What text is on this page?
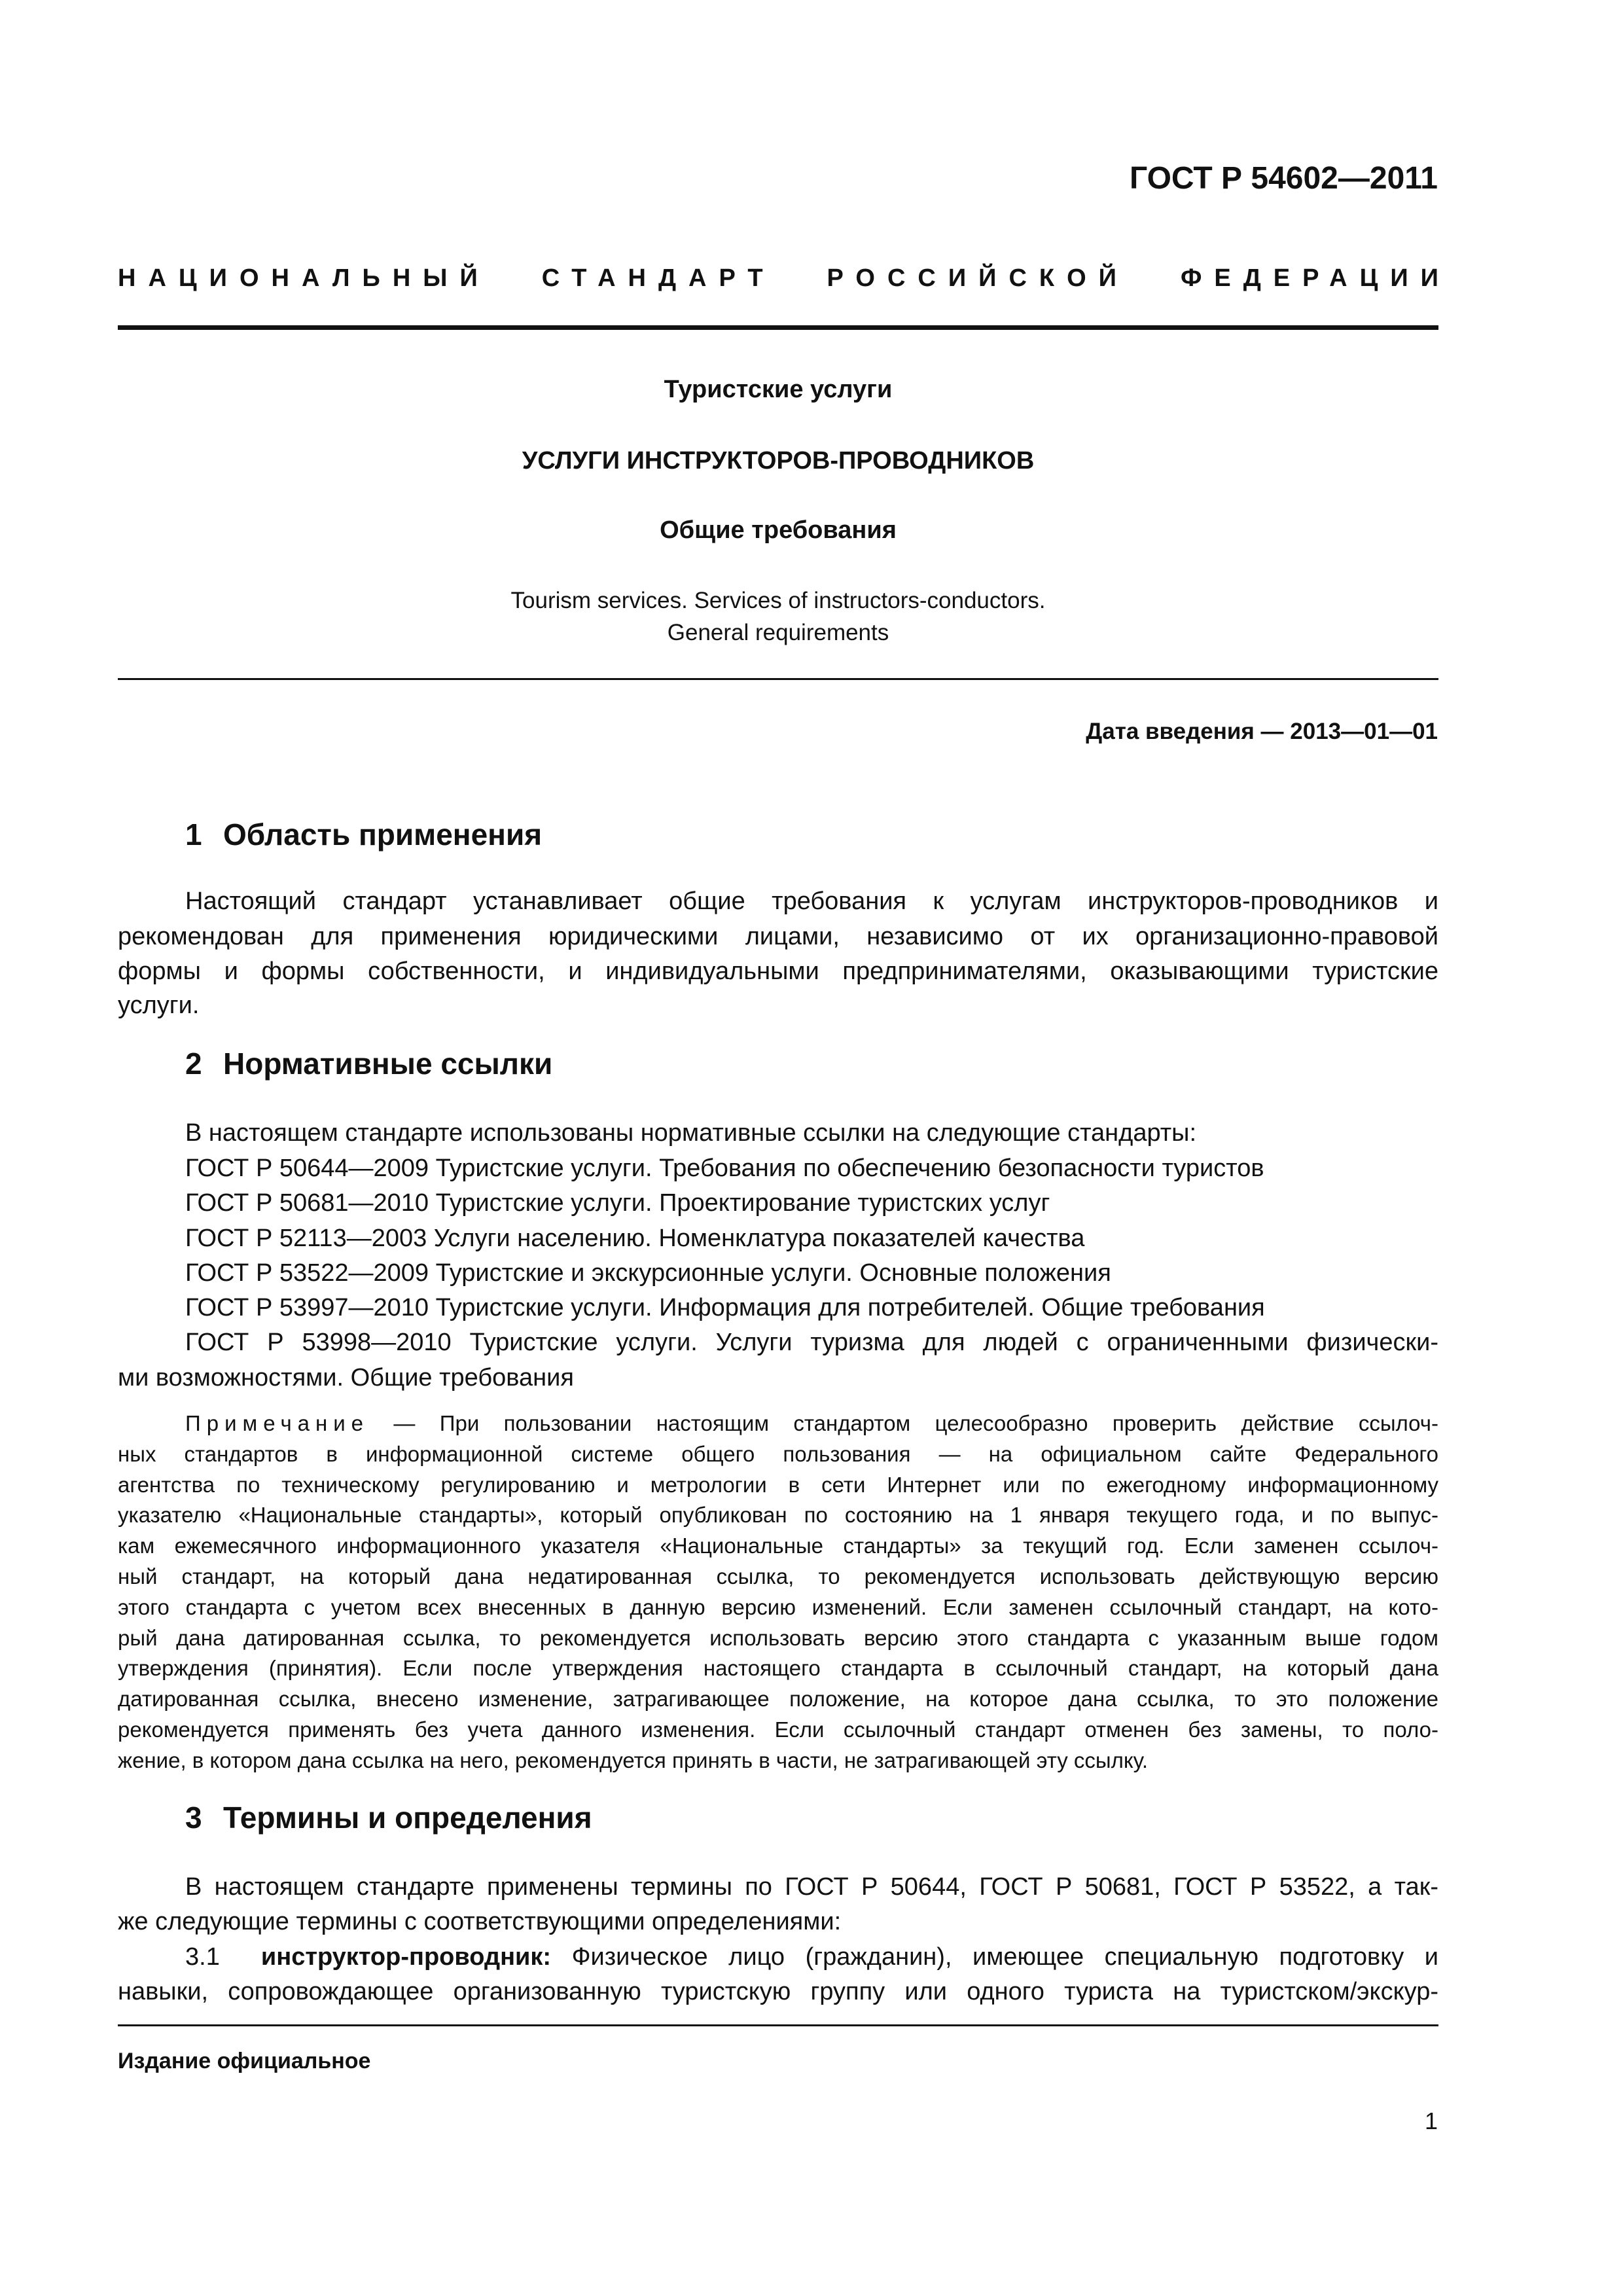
ГОСТ Р 54602—2011
НАЦИОНАЛЬНЫЙ СТАНДАРТ РОССИЙСКОЙ ФЕДЕРАЦИИ
Туристские услуги
УСЛУГИ ИНСТРУКТОРОВ-ПРОВОДНИКОВ
Общие требования
Tourism services. Services of instructors-conductors.
General requirements
Дата введения — 2013—01—01
1 Область применения
Настоящий стандарт устанавливает общие требования к услугам инструкторов-проводников и
рекомендован для применения юридическими лицами, независимо от их организационно-правовой
формы и формы собственности, и индивидуальными предпринимателями, оказывающими туристские
услуги.
2 Нормативные ссылки
В настоящем стандарте использованы нормативные ссылки на следующие стандарты:
ГОСТ Р 50644—2009 Туристские услуги. Требования по обеспечению безопасности туристов
ГОСТ Р 50681—2010 Туристские услуги. Проектирование туристских услуг
ГОСТ Р 52113—2003 Услуги населению. Номенклатура показателей качества
ГОСТ Р 53522—2009 Туристские и экскурсионные услуги. Основные положения
ГОСТ Р 53997—2010 Туристские услуги. Информация для потребителей. Общие требования
ГОСТ Р 53998—2010 Туристские услуги. Услуги туризма для людей с ограниченными физически-
ми возможностями. Общие требования
Примечание — При пользовании настоящим стандартом целесообразно проверить действие ссылоч-
ных стандартов в информационной системе общего пользования — на официальном сайте Федерального
агентства по техническому регулированию и метрологии в сети Интернет или по ежегодному информационному
указателю «Национальные стандарты», который опубликован по состоянию на 1 января текущего года, и по выпус-
кам ежемесячного информационного указателя «Национальные стандарты» за текущий год. Если заменен ссылоч-
ный стандарт, на который дана недатированная ссылка, то рекомендуется использовать действующую версию
этого стандарта с учетом всех внесенных в данную версию изменений. Если заменен ссылочный стандарт, на кото-
рый дана датированная ссылка, то рекомендуется использовать версию этого стандарта с указанным выше годом
утверждения (принятия). Если после утверждения настоящего стандарта в ссылочный стандарт, на который дана
датированная ссылка, внесено изменение, затрагивающее положение, на которое дана ссылка, то это положение
рекомендуется применять без учета данного изменения. Если ссылочный стандарт отменен без замены, то поло-
жение, в котором дана ссылка на него, рекомендуется принять в части, не затрагивающей эту ссылку.
3 Термины и определения
В настоящем стандарте применены термины по ГОСТ Р 50644, ГОСТ Р 50681, ГОСТ Р 53522, а так-
же следующие термины с соответствующими определениями:
3.1 инструктор-проводник: Физическое лицо (гражданин), имеющее специальную подготовку и
навыки, сопровождающее организованную туристскую группу или одного туриста на туристском/экскур-
Издание официальное
1
